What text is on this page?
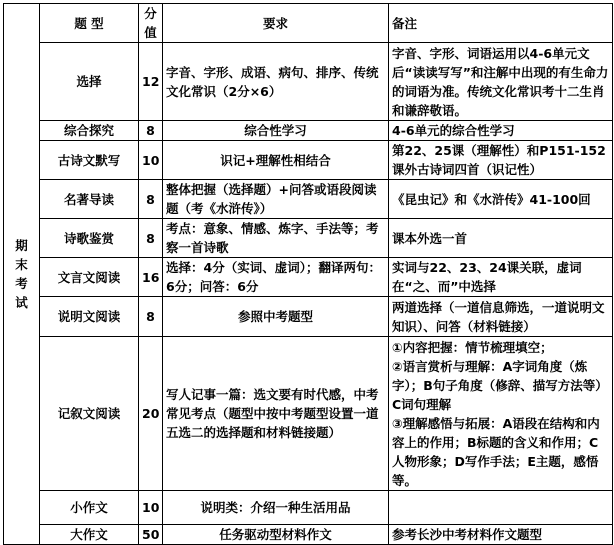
期
末
考
试	题 型	分值	要求	备注
	选择	12	字音、字形、成语、病句、排序、传统文化常识（2分×6）	字音、字形、词语运用以4-6单元文后“读读写写”和注解中出现的有生命力的词语为准。传统文化常识考十二生肖和谦辞敬语。
	综合探究	8	综合性学习	4-6单元的综合性学习
	古诗文默写	10	识记+理解性相结合	第22、25课（理解性）和P151-152课外古诗词四首（识记性）
	名著导读	8	整体把握（选择题）+问答或语段阅读题（考《水浒传》）	《昆虫记》和《水浒传》41-100回
	诗歌鉴赏	8	考点：意象、情感、炼字、手法等；考察一首诗歌	课本外选一首
	文言文阅读	16	选择：4分（实词、虚词）；翻译两句：6分；问答：6分	实词与22、23、24课关联，虚词在“之、而”中选择
	说明文阅读	8	参照中考题型	两道选择（一道信息筛选，一道说明文知识）、问答（材料链接）
	记叙文阅读	20	写人记事一篇：选文要有时代感，中考常见考点（题型中按中考题型设置一道五选二的选择题和材料链接题）	①内容把握：情节梳理填空；
②语言赏析与理解：A字词角度（炼字）；B句子角度（修辞、描写方法等）C词句理解
③理解感悟与拓展：A语段在结构和内容上的作用；B标题的含义和作用；C人物形象；D写作手法；E主题，感悟等。

	小作文	10	说明类：介绍一种生活用品	
	大作文	50	任务驱动型材料作文	参考长沙中考材料作文题型
